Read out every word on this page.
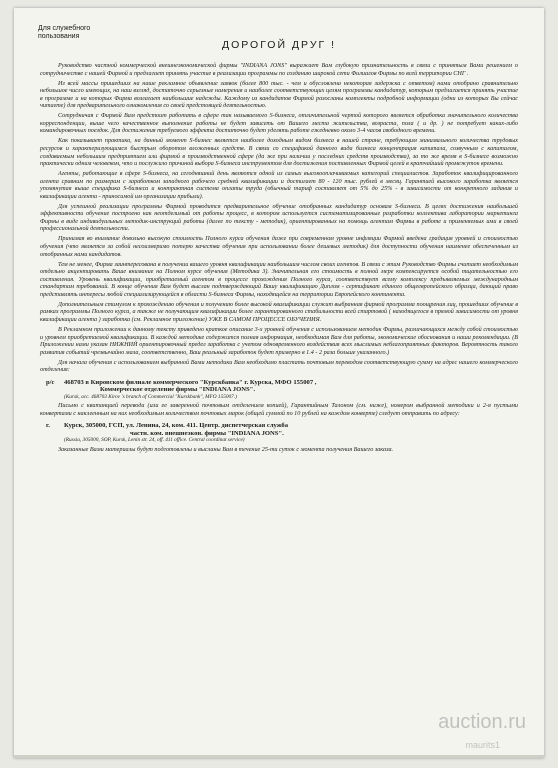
Для служебного
пользования
ДОРОГОЙ ДРУГ !

Руководство частной коммерческой внешнеэкономической фирмы "INDIANA JONS" выражает Вам глубокую признательность в связи с принятым Вами решением о сотрудничестве с нашей Фирмой и предлагает принять участие в реализации программы по созданию широкой сети Филиалов Фирмы по всей территории СНГ .

Из всей массы пришедших на наше рекламное объявление заявок (более 800 тыс. - чем и обусловлена некоторая задержка с ответом) нами отобрано сравнительно небольшое число имеющих, на наш взгляд, достаточно серьезные намерения и наиболее соответствующих целям программы кандидатур, которым предлагается принять участие в программе и на которых Фирма возлагает наибольшие надежды. Каждому из кандидатов Фирмой разосланы комплекты подробной информации (одни из которых Вы сейчас читаете) для предварительного ознакомления со своей предстоящей деятельностью.

Сотрудничая с Фирмой Вам предстоит работать в сфере так называемого S-бизнеса, отличительной чертой которого является обработка значительного количества корреспонденции, выше чего качественное выполнение работы не будет зависеть от Вашего места жительства, возраста, пола ( и др. ) не потребует каких-либо командировочных поездок. Для достижения требуемого эффекта достаточно будет уделять работе ежедневно около 3-4 часов свободного времени.

Как показывает практика, на данный момент S-бизнес является наиболее доходным видом бизнеса в нашей стране, требующим минимального количества трудовых ресурсов и характеризующимся быстрым оборотом вложенных средств. В связи со спецификой данного вида бизнеса концентрация капитала, созвучным с капиталом, создаваемым небольшим предприятием или фирмой в производственной сфере (да же при наличии у последних средств производства), за то же время в S-бизнесе возможно практически одним человеком, что и послужило причиной выбора S-бизнеса инструментом для достижения поставленных Фирмой целей в кратчайший промежуток времени.

Агенты, работающие в сфере S-бизнеса, на сегодняшний день являются одной из самых высокооплачиваемых категорий специалистов. Заработок квалифицированного агента сравним по размерам с заработком западного рабочего средней квалификации и достигает 80 - 120 тыс. рублей в месяц. Гарантией высокого заработка является упомянутая выше специфика S-бизнеса и контрактная система оплаты труда (обычный тариф составляет от 5% до 25% - в зависимости от конкретного задания и квалификации агента - приносимой им организации прибыли).

Для успешной реализации программы Фирмой проводится предварительное обучение отобранных кандидатур основам S-бизнеса. В целях достижения наибольшей эффективности обучение построено как неотделимый от работы процесс, в котором используется систематизированные разработки коллектива лаборатории маркетинга Фирмы в виде индивидуальных методик-инструкций работы (далее по тексту - методик), ориентированных на помощь агентам Фирмы в работе и применяемых ими в своей профессиональной деятельности.

Принимая во внимание довольно высокую стоимость Полного курса обучения даже при современном уровне инфляции Фирмой введена градация уровней и стоимостью обучения (что является за собой несоизмеримо потерю качества обучения при использовании более дешевых методик) для доступности обучения наименее обеспеченным из отобранных нами кандидатов.

Тем не менее, Фирма заинтересована в получении вашего уровня квалификации наибольшим числом своих агентов. В связи с этим Руководство Фирмы считает необходимым отдельно акцентировать Ваше внимание на Полном курсе обучения (Методика 3). Значительная его стоимость в полной мере компенсируется особой тщательностью его составления. Уровень квалификации, приобретаемый агентом в процессе прохождения Полного курса, соответствует всему комплексу предъявляемых международным стандартам требований. В конце обучения Вам будет выслан подтверждающий Вашу квалификацию Диплом - сертификат единого общеевропейского образца, дающий право представлять интересы любой специализирующейся в области S-бизнеса Фирмы, находящейся на территории Европейского континента.

Дополнительным стимулом к прохождению обучения и получению более высокой квалификации служит выбранная фирмой программа поощрения лиц, прошедших обучение в рамках программы Полного курса, а также не получающим квалификации более гарантированного стабильности всей стартовой ( находящегося в прямой зависимости от уровня квалификации агента ) заработка (см. Рекламное приложение) УЖЕ В САМОМ ПРОЦЕССЕ ОБУЧЕНИЯ.

В Рекламном приложении к данному тексту приведено краткое описание 3-х уровней обучения с использованием методик Фирмы, различающихся между собой стоимостью и уровнем приобретаемой квалификации. В каждой методике содержится полная информация, необходимая Вам для работы, экономические обоснования и наши рекомендации. (В Приложении нами указан НИЖНИЙ ориентировочный предел заработка с учетом одновременного воздействия всех мыслимых неблагоприятных факторов. Вероятность такого развития событий чрезвычайно мала, соответственно, Ваш реальный заработок будет примерно в 1.4 - 2 раза больше указанного.)

Для начала обучения с использованием выбранной Вами методики Вам необходимо пластать почтовым переводом соответствующую сумму на адрес нашего коммерческого отделения:

р/с 468703 в Кировском филиале коммерческого "Курскбанка" г. Курска, МФО 155007 ,
Коммерческое отделение фирмы "INDIANA JONS".
(Kursk, асс. 468703 Kirov 's branch of Commercial "Kurskbank", MFO 155007.)

Письмо с квитанцией перевода (или ее заверенной почтовым отделением копией), Гарантийным Талоном (см. ниже), номером выбранной методики и 2-я пустыми конвертами с наклеенным на них необходимым количеством почтовых марок (общей суммой по 10 рублей на каждом конверте) следует отправить по адресу:

г. Курск, 305000, ГСП, ул. Ленина, 24, ком. 411. Центр. диспетчерская служба
частн. ком. внешнеэкон. фирмы "INDIANA JONS".
(Russia, 305000, SOP, Kursk, Lenin str. 24, off. 411 office. Central coordinat service)

Заказанные Вами материалы будут подготовлены и высланы Вам в течение 25-ти суток с момента получения Вашего заказа.

auction.ru
maurits1
